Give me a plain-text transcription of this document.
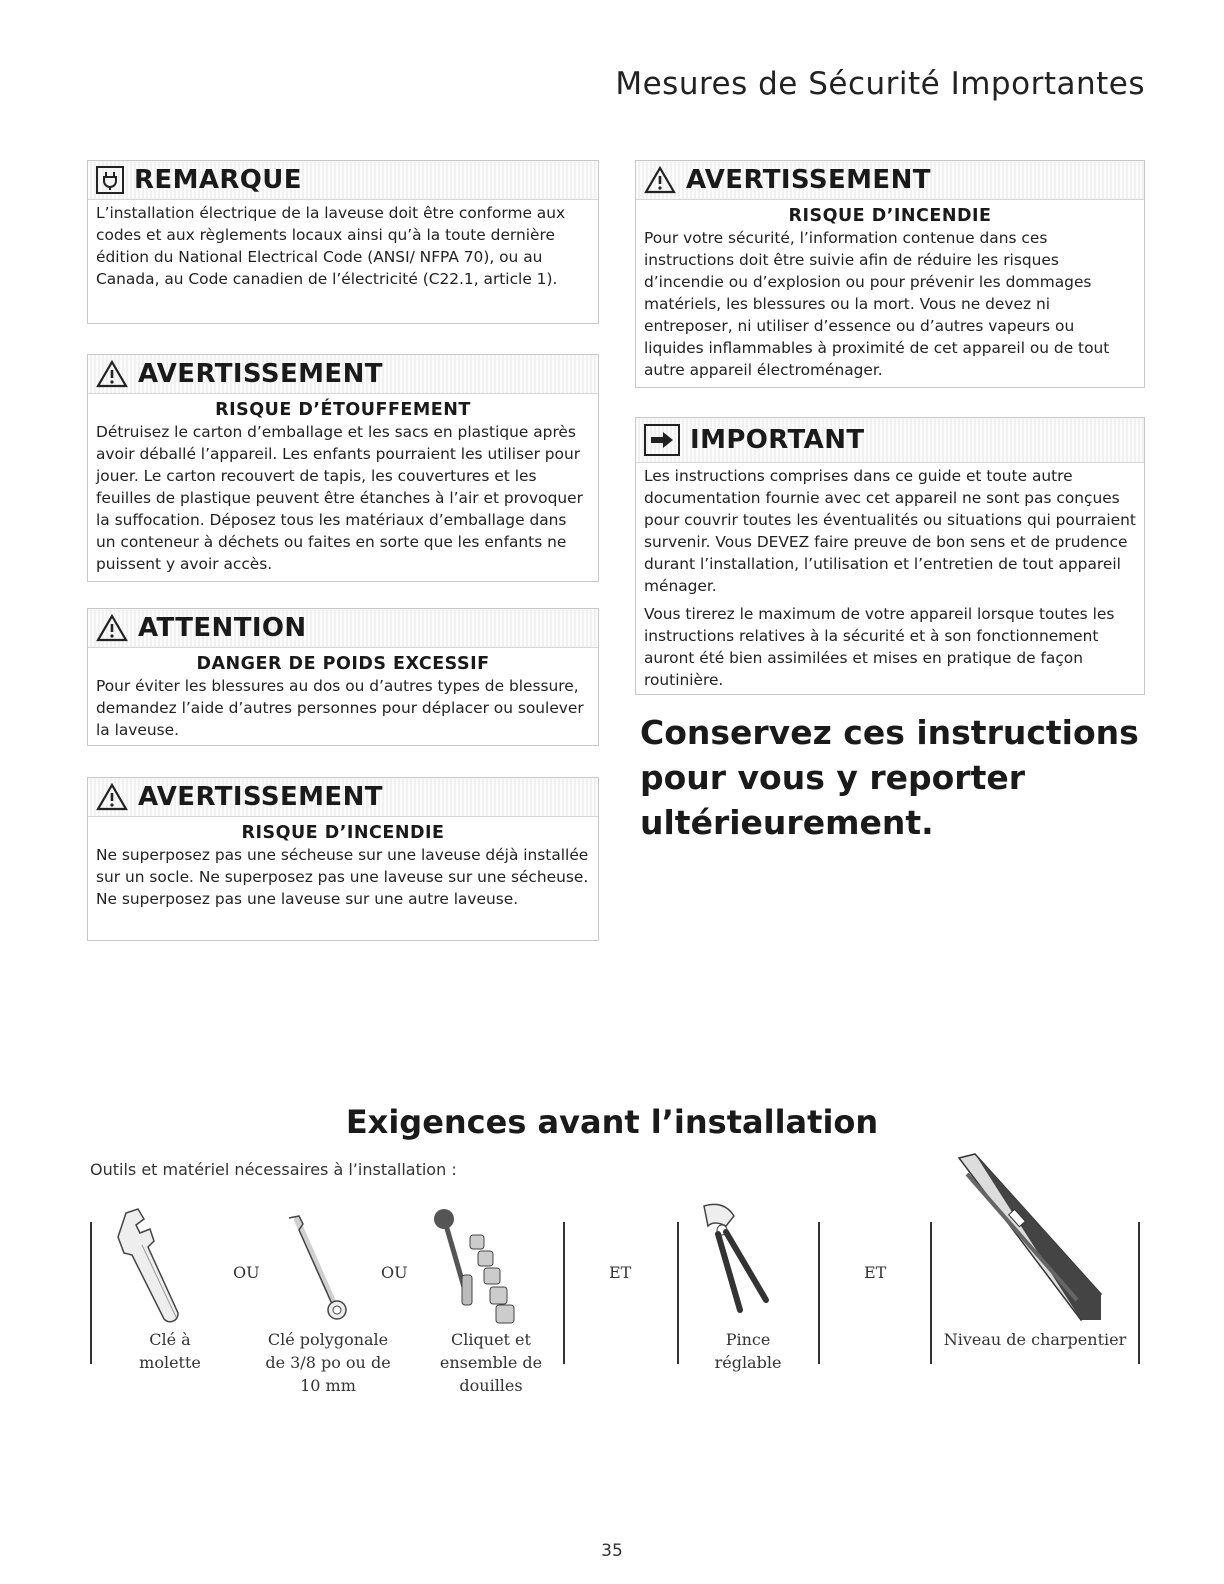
Mesures de Sécurité Importantes
REMARQUE
L’installation électrique de la laveuse doit être conforme aux codes et aux règlements locaux ainsi qu’à la toute dernière édition du National Electrical Code (ANSI/ NFPA 70), ou au Canada, au Code canadien de l’électricité (C22.1, article 1).
AVERTISSEMENT
RISQUE D’ÉTOUFFEMENT
Détruisez le carton d’emballage et les sacs en plastique après avoir déballé l’appareil. Les enfants pourraient les utiliser pour jouer. Le carton recouvert de tapis, les couvertures et les feuilles de plastique peuvent être étanches à l’air et provoquer la suffocation. Déposez tous les matériaux d’emballage dans un conteneur à déchets ou faites en sorte que les enfants ne puissent y avoir accès.
ATTENTION
DANGER DE POIDS EXCESSIF
Pour éviter les blessures au dos ou d’autres types de blessure, demandez l’aide d’autres personnes pour déplacer ou soulever la laveuse.
AVERTISSEMENT
RISQUE D’INCENDIE
Ne superposez pas une sécheuse sur une laveuse déjà installée sur un socle. Ne superposez pas une laveuse sur une sécheuse. Ne superposez pas une laveuse sur une autre laveuse.
AVERTISSEMENT
RISQUE D’INCENDIE
Pour votre sécurité, l’information contenue dans ces instructions doit être suivie afin de réduire les risques d’incendie ou d’explosion ou pour prévenir les dommages matériels, les blessures ou la mort. Vous ne devez ni entreposer, ni utiliser d’essence ou d’autres vapeurs ou liquides inflammables à proximité de cet appareil ou de tout autre appareil électroménager.
IMPORTANT
Les instructions comprises dans ce guide et toute autre documentation fournie avec cet appareil ne sont pas conçues pour couvrir toutes les éventualités ou situations qui pourraient survenir. Vous DEVEZ faire preuve de bon sens et de prudence durant l’installation, l’utilisation et l’entretien de tout appareil ménager.
Vous tirerez le maximum de votre appareil lorsque toutes les instructions relatives à la sécurité et à son fonctionnement auront été bien assimilées et mises en pratique de façon routinière.
Conservez ces instructions pour vous y reporter ultérieurement.
Exigences avant l’installation
Outils et matériel nécessaires à l’installation :
OU	OU	ET	ET
Clé à molette
Clé polygonale de 3/8 po ou de 10 mm
Cliquet et ensemble de douilles
Pince réglable
Niveau de charpentier
35
